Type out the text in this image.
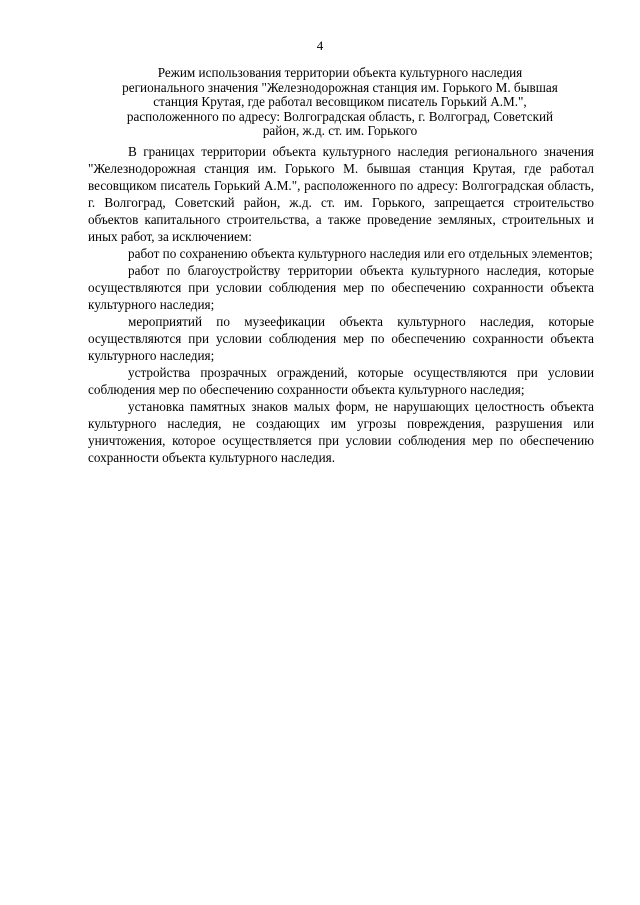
4
Режим использования территории объекта культурного наследия
регионального значения "Железнодорожная станция им. Горького М. бывшая
станция Крутая, где работал весовщиком писатель Горький А.М.",
расположенного по адресу: Волгоградская область, г. Волгоград, Советский
район, ж.д. ст. им. Горького

В границах территории объекта культурного наследия регионального значения "Железнодорожная станция им. Горького М. бывшая станция Крутая, где работал весовщиком писатель Горький А.М.", расположенного по адресу: Волгоградская область, г. Волгоград, Советский район, ж.д. ст. им. Горького, запрещается строительство объектов капитального строительства, а также проведение земляных, строительных и иных работ, за исключением:

работ по сохранению объекта культурного наследия или его отдельных элементов;

работ по благоустройству территории объекта культурного наследия, которые осуществляются при условии соблюдения мер по обеспечению сохранности объекта культурного наследия;

мероприятий по музеефикации объекта культурного наследия, которые осуществляются при условии соблюдения мер по обеспечению сохранности объекта культурного наследия;

устройства прозрачных ограждений, которые осуществляются при условии соблюдения мер по обеспечению сохранности объекта культурного наследия;

установка памятных знаков малых форм, не нарушающих целостность объекта культурного наследия, не создающих им угрозы повреждения, разрушения или уничтожения, которое осуществляется при условии соблюдения мер по обеспечению сохранности объекта культурного наследия.
